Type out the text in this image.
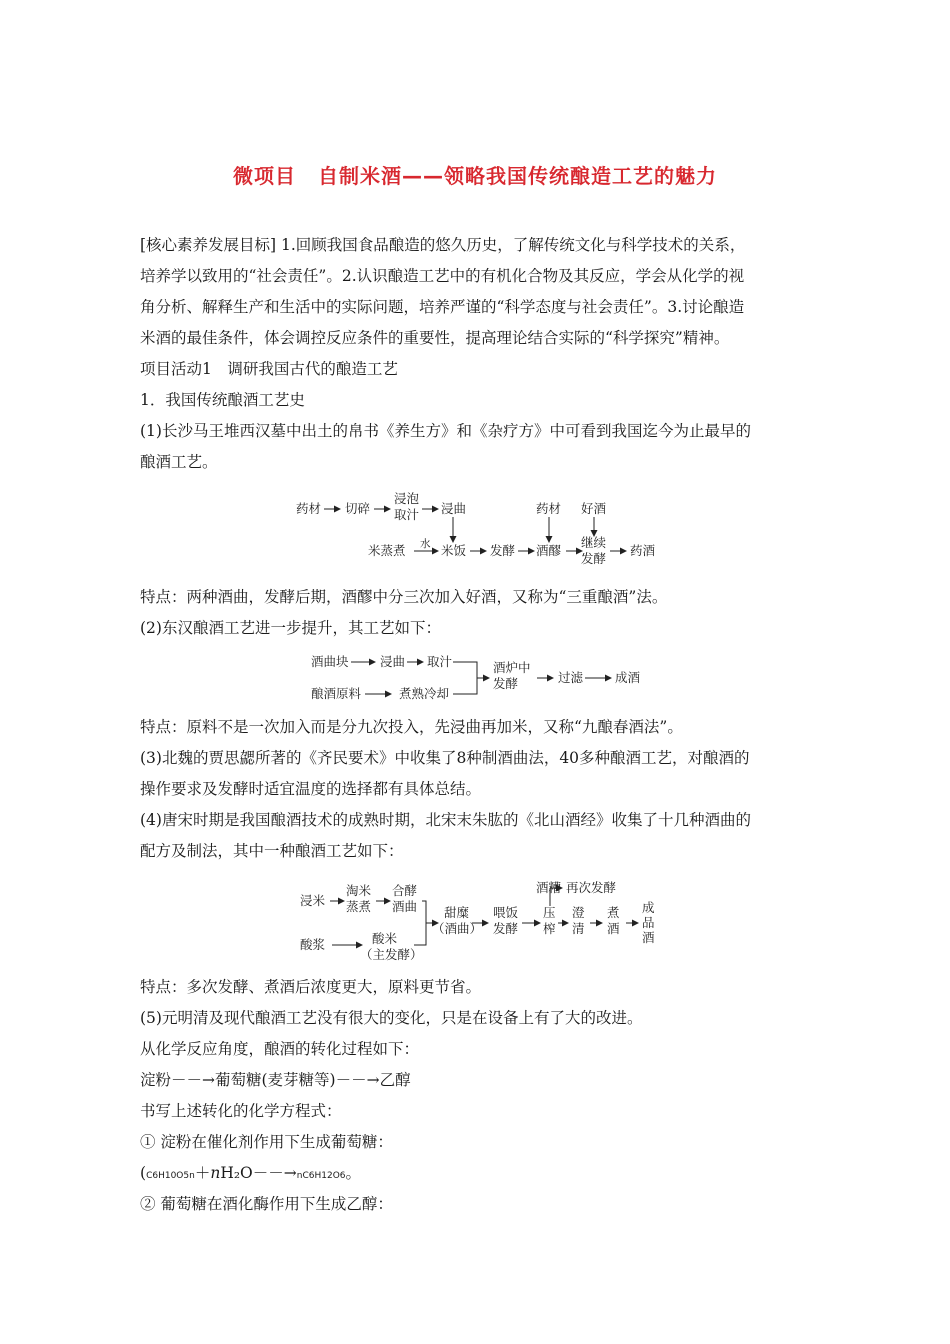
微项目 自制米酒——领略我国传统酿造工艺的魅力
[核心素养发展目标] 1.回顾我国食品酿造的悠久历史，了解传统文化与科学技术的关系，
培养学以致用的“社会责任”。2.认识酿造工艺中的有机化合物及其反应，学会从化学的视
角分析、解释生产和生活中的实际问题，培养严谨的“科学态度与社会责任”。3.讨论酿造
米酒的最佳条件，体会调控反应条件的重要性，提高理论结合实际的“科学探究”精神。
项目活动1　调研我国古代的酿造工艺
1．我国传统酿酒工艺史
(1)长沙马王堆西汉墓中出土的帛书《养生方》和《杂疗方》中可看到我国迄今为止最早的
酿酒工艺。
药材 切碎
浸泡
取汁 浸曲	药材 好酒
米蒸煮 水 米饭 发酵 酒醪
继续
发酵
药酒
特点：两种酒曲，发酵后期，酒醪中分三次加入好酒，又称为“三重酿酒”法。
(2)东汉酿酒工艺进一步提升，其工艺如下：
酒曲块	浸曲 取汁
酿酒原料	煮熟冷却
酒炉中
发酵	过滤	成酒
特点：原料不是一次加入而是分九次投入，先浸曲再加米，又称“九酿春酒法”。
(3)北魏的贾思勰所著的《齐民要术》中收集了8种制酒曲法，40多种酿酒工艺，对酿酒的
操作要求及发酵时适宜温度的选择都有具体总结。
(4)唐宋时期是我国酿酒技术的成熟时期，北宋末朱肱的《北山酒经》收集了十几种酒曲的
配方及制法，其中一种酿酒工艺如下：
浸米
淘米
蒸煮
合酵
酒曲
酸浆	酸米
（主发酵）
甜糜
（酒曲）
喂饭
发酵
压
榨
酒糟 再次发酵
澄
清
煮
酒
成
品
酒
特点：多次发酵、煮酒后浓度更大，原料更节省。
(5)元明清及现代酿酒工艺没有很大的变化，只是在设备上有了大的改进。
从化学反应角度，酿酒的转化过程如下：
淀粉－－→葡萄糖(麦芽糖等)－－→乙醇
书写上述转化的化学方程式：
① 淀粉在催化剂作用下生成葡萄糖：
(C6H10O5n＋nH₂O－－→nC6H12O6。
② 葡萄糖在酒化酶作用下生成乙醇：
